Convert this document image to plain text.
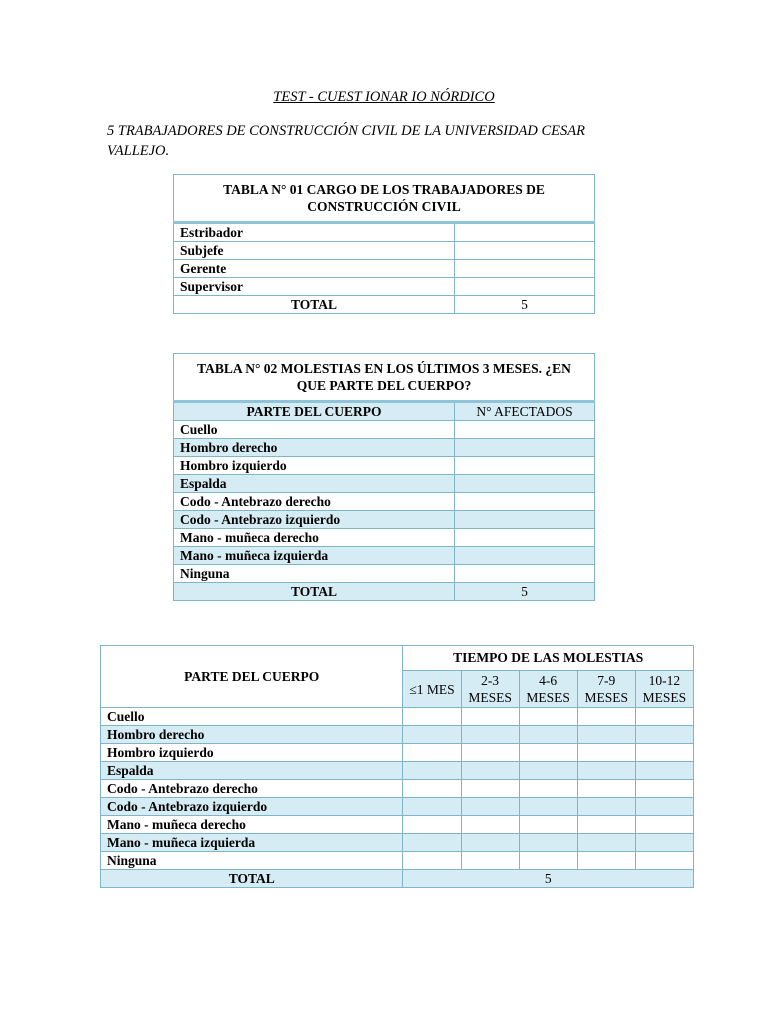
TEST - CUEST IONAR IO NÓRDICO
5 TRABAJADORES DE CONSTRUCCIÓN CIVIL DE LA UNIVERSIDAD CESAR VALLEJO.
TABLA N° 01 CARGO DE LOS TRABAJADORES DE CONSTRUCCIÓN CIVIL	
Estribador	
Subjefe	
Gerente	
Supervisor	
TOTAL	5
TABLA N° 02 MOLESTIAS EN LOS ÚLTIMOS 3 MESES. ¿EN QUE PARTE DEL CUERPO?	
PARTE DEL CUERPO	N° AFECTADOS
Cuello	
Hombro derecho	
Hombro izquierdo	
Espalda	
Codo - Antebrazo derecho	
Codo - Antebrazo izquierdo	
Mano - muñeca derecho	
Mano - muñeca izquierda	
Ninguna	
TOTAL	5
PARTE DEL CUERPO	TIEMPO DE LAS MOLESTIAS				
	≤1 MES	2-3 MESES	4-6 MESES	7-9 MESES	10-12 MESES
Cuello					
Hombro derecho					
Hombro izquierdo					
Espalda					
Codo - Antebrazo derecho					
Codo - Antebrazo izquierdo					
Mano - muñeca derecho					
Mano - muñeca izquierda					
Ninguna					
TOTAL	5				
